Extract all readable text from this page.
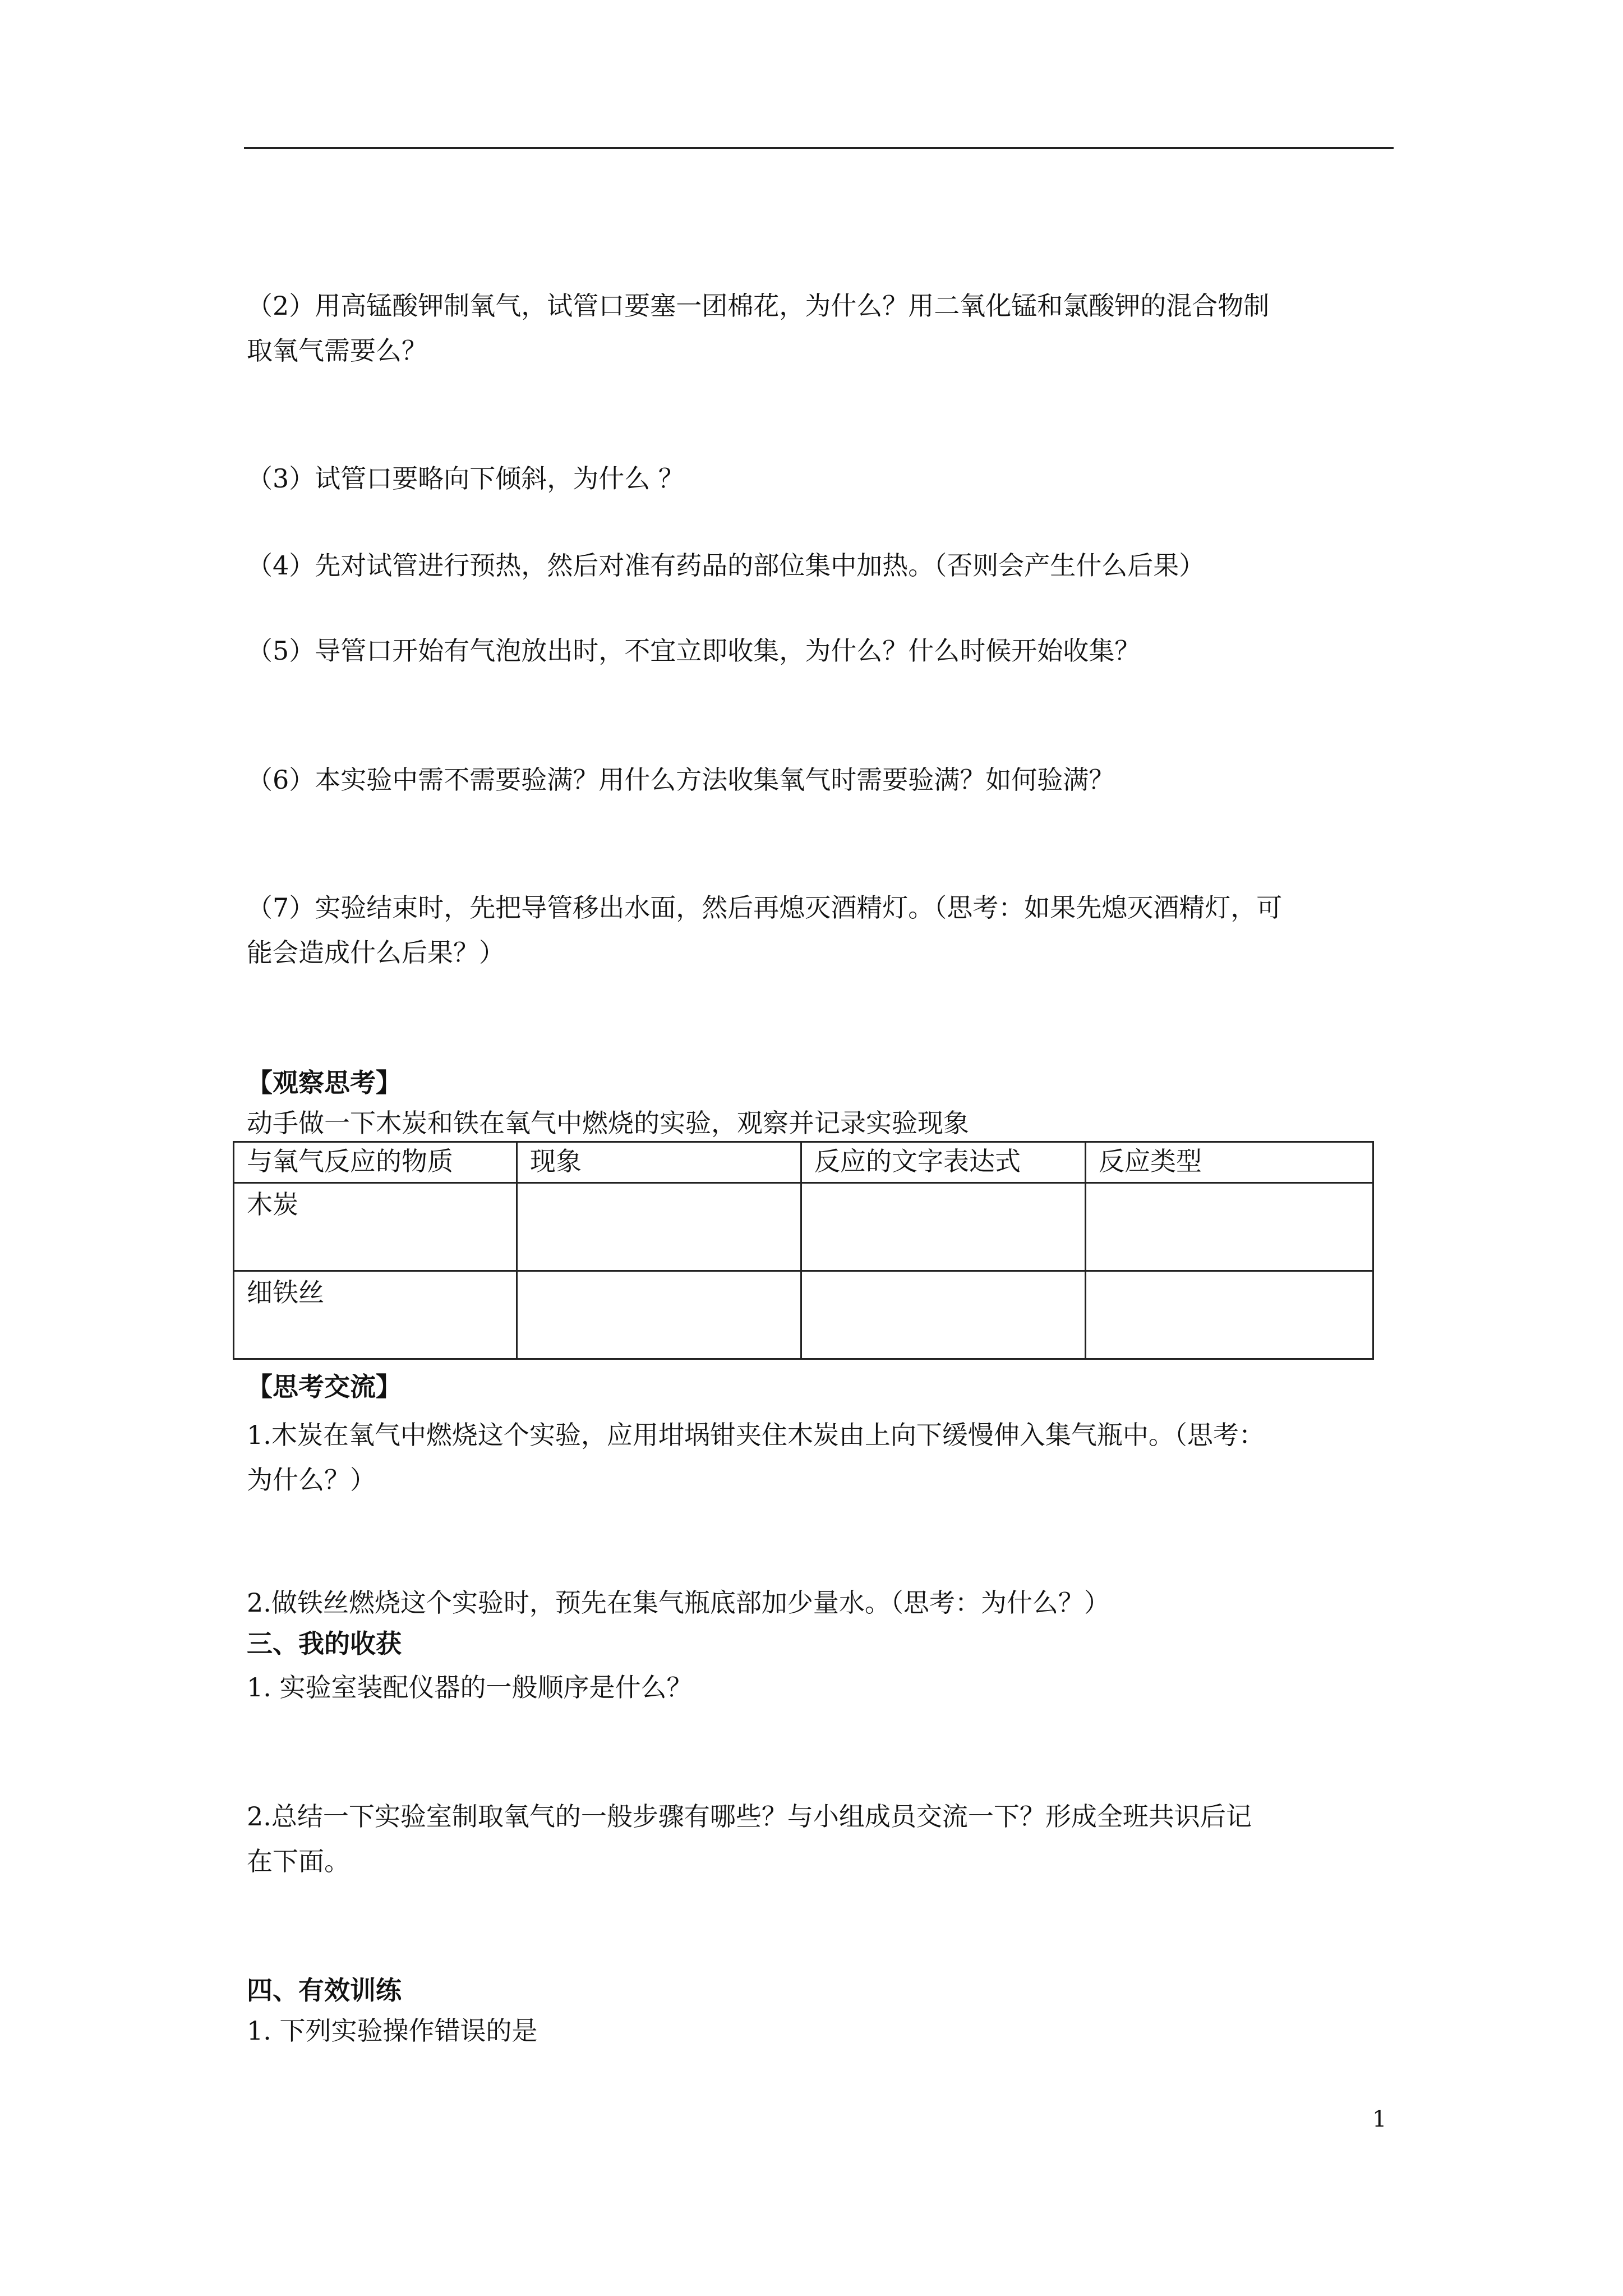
（2）用高锰酸钾制氧气，试管口要塞一团棉花，为什么？用二氧化锰和氯酸钾的混合物制
取氧气需要么？
（3）试管口要略向下倾斜，为什么 ？
（4）先对试管进行预热，然后对准有药品的部位集中加热。（否则会产生什么后果）
（5）导管口开始有气泡放出时，不宜立即收集，为什么？什么时候开始收集？
（6）本实验中需不需要验满？用什么方法收集氧气时需要验满？如何验满？
（7）实验结束时，先把导管移出水面，然后再熄灭酒精灯。（思考：如果先熄灭酒精灯，可
能会造成什么后果？）
【观察思考】
动手做一下木炭和铁在氧气中燃烧的实验，观察并记录实验现象
与氧气反应的物质	现象	反应的文字表达式	反应类型
木炭			
细铁丝			
【思考交流】
1.木炭在氧气中燃烧这个实验，应用坩埚钳夹住木炭由上向下缓慢伸入集气瓶中。（思考：
为什么？）
2.做铁丝燃烧这个实验时，预先在集气瓶底部加少量水。（思考：为什么？）
三、我的收获
1. 实验室装配仪器的一般顺序是什么？
2.总结一下实验室制取氧气的一般步骤有哪些？与小组成员交流一下？形成全班共识后记
在下面。
四、有效训练
1. 下列实验操作错误的是
1
